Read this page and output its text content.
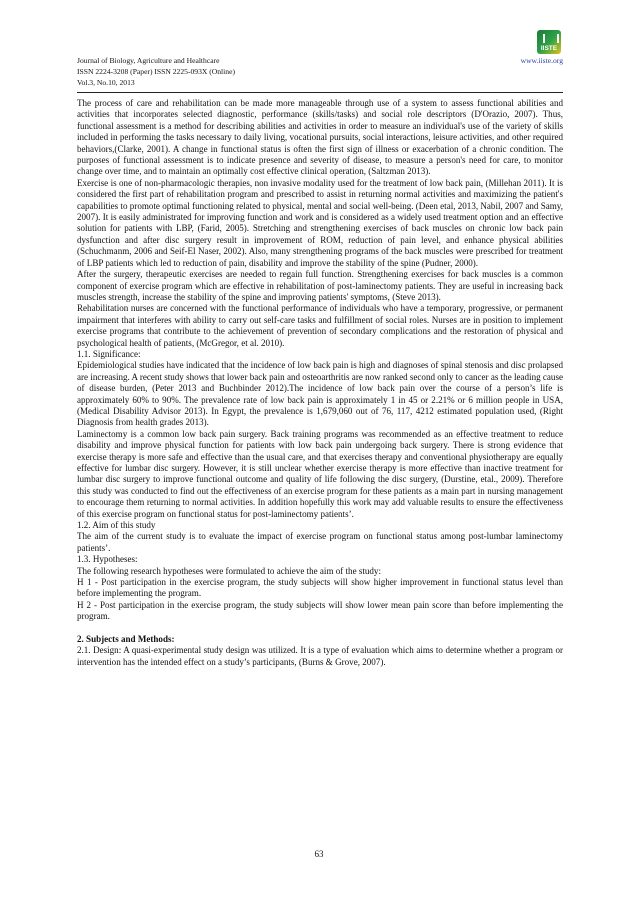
Journal of Biology, Agriculture and Healthcare
ISSN 2224-3208 (Paper) ISSN 2225-093X (Online)
Vol.3, No.10, 2013
www.iiste.org
IISTE

The process of care and rehabilitation can be made more manageable through use of a system to assess functional abilities and activities that incorporates selected diagnostic, performance (skills/tasks) and social role descriptors (D'Orazio, 2007). Thus, functional assessment is a method for describing abilities and activities in order to measure an individual's use of the variety of skills included in performing the tasks necessary to daily living, vocational pursuits, social interactions, leisure activities, and other required behaviors,(Clarke, 2001). A change in functional status is often the first sign of illness or exacerbation of a chronic condition. The purposes of functional assessment is to indicate presence and severity of disease, to measure a person's need for care, to monitor change over time, and to maintain an optimally cost effective clinical operation, (Saltzman 2013).

Exercise is one of non-pharmacologic therapies, non invasive modality used for the treatment of low back pain, (Millehan 2011). It is considered the first part of rehabilitation program and prescribed to assist in returning normal activities and maximizing the patient's capabilities to promote optimal functioning related to physical, mental and social well-being. (Deen etal, 2013, Nabil, 2007 and Samy, 2007). It is easily administrated for improving function and work and is considered as a widely used treatment option and an effective solution for patients with LBP, (Farid, 2005). Stretching and strengthening exercises of back muscles on chronic low back pain dysfunction and after disc surgery result in improvement of ROM, reduction of pain level, and enhance physical abilities (Schuchmanm, 2006 and Seif-El Naser, 2002). Also, many strengthening programs of the back muscles were prescribed for treatment of LBP patients which led to reduction of pain, disability and improve the stability of the spine (Pudner, 2000).

After the surgery, therapeutic exercises are needed to regain full function. Strengthening exercises for back muscles is a common component of exercise program which are effective in rehabilitation of post-laminectomy patients. They are useful in increasing back muscles strength, increase the stability of the spine and improving patients' symptoms, (Steve 2013).

Rehabilitation nurses are concerned with the functional performance of individuals who have a temporary, progressive, or permanent impairment that interferes with ability to carry out self-care tasks and fulfillment of social roles. Nurses are in position to implement exercise programs that contribute to the achievement of prevention of secondary complications and the restoration of physical and psychological health of patients, (McGregor, et al. 2010).

1.1. Significance:

Epidemiological studies have indicated that the incidence of low back pain is high and diagnoses of spinal stenosis and disc prolapsed are increasing. A recent study shows that lower back pain and osteoarthritis are now ranked second only to cancer as the leading cause of disease burden, (Peter 2013 and Buchbinder 2012).The incidence of low back pain over the course of a person’s life is approximately 60% to 90%. The prevalence rate of low back pain is approximately 1 in 45 or 2.21% or 6 million people in USA, (Medical Disability Advisor 2013). In Egypt, the prevalence is 1,679,060 out of 76, 117, 4212 estimated population used, (Right Diagnosis from health grades 2013).

Laminectomy is a common low back pain surgery. Back training programs was recommended as an effective treatment to reduce disability and improve physical function for patients with low back pain undergoing back surgery. There is strong evidence that exercise therapy is more safe and effective than the usual care, and that exercises therapy and conventional physiotherapy are equally effective for lumbar disc surgery. However, it is still unclear whether exercise therapy is more effective than inactive treatment for lumbar disc surgery to improve functional outcome and quality of life following the disc surgery, (Durstine, etal., 2009). Therefore this study was conducted to find out the effectiveness of an exercise program for these patients as a main part in nursing management to encourage them returning to normal activities. In addition hopefully this work may add valuable results to ensure the effectiveness of this exercise program on functional status for post-laminectomy patients’.

1.2. Aim of this study

The aim of the current study is to evaluate the impact of exercise program on functional status among post-lumbar laminectomy patients’.

1.3. Hypotheses:

The following research hypotheses were formulated to achieve the aim of the study:

H 1 - Post participation in the exercise program, the study subjects will show higher improvement in functional status level than before implementing the program.

H 2 - Post participation in the exercise program, the study subjects will show lower mean pain score than before implementing the program.

2. Subjects and Methods:

2.1. Design: A quasi-experimental study design was utilized. It is a type of evaluation which aims to determine whether a program or intervention has the intended effect on a study’s participants, (Burns & Grove, 2007).

63
